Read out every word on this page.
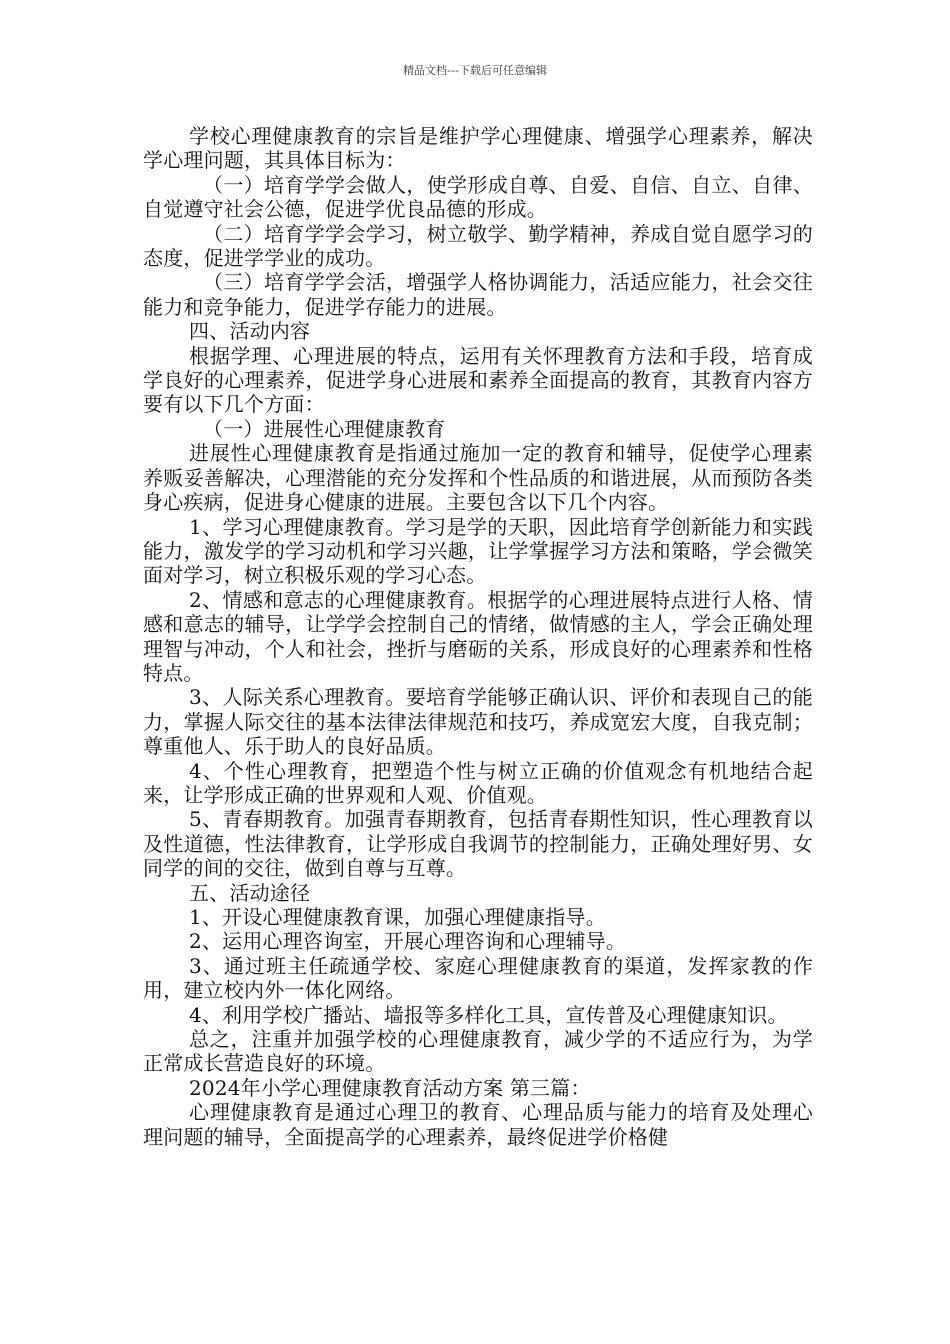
精品文档---下载后可任意编辑

学校心理健康教育的宗旨是维护学心理健康、增强学心理素养，解决学心理问题，其具体目标为：

（一）培育学学会做人，使学形成自尊、自爱、自信、自立、自律、自觉遵守社会公德，促进学优良品德的形成。

（二）培育学学会学习，树立敬学、勤学精神，养成自觉自愿学习的态度，促进学学业的成功。

（三）培育学学会活，增强学人格协调能力，活适应能力，社会交往能力和竞争能力，促进学存能力的进展。

四、活动内容

根据学理、心理进展的特点，运用有关怀理教育方法和手段，培育成学良好的心理素养，促进学身心进展和素养全面提高的教育，其教育内容方要有以下几个方面：

（一）进展性心理健康教育

进展性心理健康教育是指通过施加一定的教育和辅导，促使学心理素养贩妥善解决，心理潜能的充分发挥和个性品质的和谐进展，从而预防各类身心疾病，促进身心健康的进展。主要包含以下几个内容。

1、学习心理健康教育。学习是学的天职，因此培育学创新能力和实践能力，激发学的学习动机和学习兴趣，让学掌握学习方法和策略，学会微笑面对学习，树立积极乐观的学习心态。

2、情感和意志的心理健康教育。根据学的心理进展特点进行人格、情感和意志的辅导，让学学会控制自己的情绪，做情感的主人，学会正确处理理智与冲动，个人和社会，挫折与磨砺的关系，形成良好的心理素养和性格特点。

3、人际关系心理教育。要培育学能够正确认识、评价和表现自己的能力，掌握人际交往的基本法律法律规范和技巧，养成宽宏大度，自我克制；尊重他人、乐于助人的良好品质。

4、个性心理教育，把塑造个性与树立正确的价值观念有机地结合起来，让学形成正确的世界观和人观、价值观。

5、青春期教育。加强青春期教育，包括青春期性知识，性心理教育以及性道德，性法律教育，让学形成自我调节的控制能力，正确处理好男、女同学的间的交往，做到自尊与互尊。

五、活动途径

1、开设心理健康教育课，加强心理健康指导。

2、运用心理咨询室，开展心理咨询和心理辅导。

3、通过班主任疏通学校、家庭心理健康教育的渠道，发挥家教的作用，建立校内外一体化网络。

4、利用学校广播站、墙报等多样化工具，宣传普及心理健康知识。

总之，注重并加强学校的心理健康教育，减少学的不适应行为，为学正常成长营造良好的环境。

2024年小学心理健康教育活动方案 第三篇：

心理健康教育是通过心理卫的教育、心理品质与能力的培育及处理心理问题的辅导，全面提高学的心理素养，最终促进学价格健
